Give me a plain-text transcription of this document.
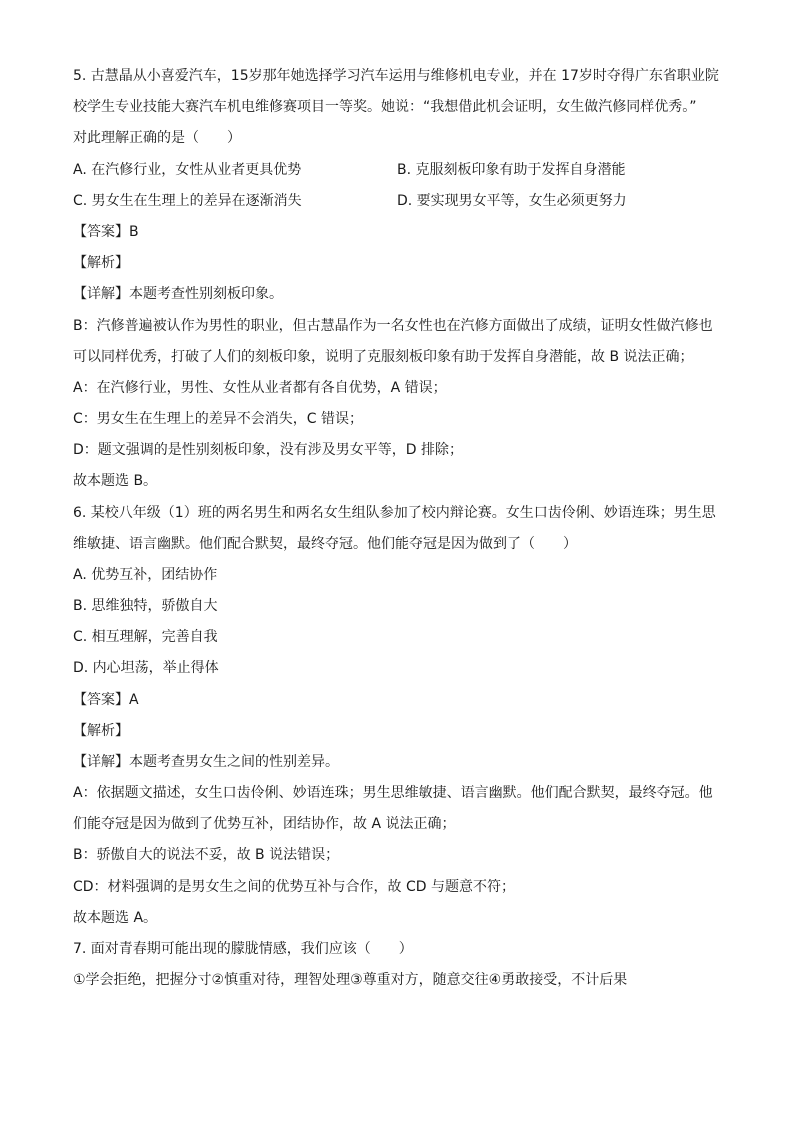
5. 古慧晶从小喜爱汽车，15岁那年她选择学习汽车运用与维修机电专业，并在 17岁时夺得广东省职业院
校学生专业技能大赛汽车机电维修赛项目一等奖。她说：“我想借此机会证明，女生做汽修同样优秀。”
对此理解正确的是（　　）
A. 在汽修行业，女性从业者更具优势	B. 克服刻板印象有助于发挥自身潜能
C. 男女生在生理上的差异在逐渐消失	D. 要实现男女平等，女生必须更努力
【答案】B
【解析】
【详解】本题考查性别刻板印象。
B：汽修普遍被认作为男性的职业，但古慧晶作为一名女性也在汽修方面做出了成绩，证明女性做汽修也
可以同样优秀，打破了人们的刻板印象，说明了克服刻板印象有助于发挥自身潜能，故 B 说法正确；
A：在汽修行业，男性、女性从业者都有各自优势，A 错误；
C：男女生在生理上的差异不会消失，C 错误；
D：题文强调的是性别刻板印象，没有涉及男女平等，D 排除；
故本题选 B。
6. 某校八年级（1）班的两名男生和两名女生组队参加了校内辩论赛。女生口齿伶俐、妙语连珠；男生思
维敏捷、语言幽默。他们配合默契，最终夺冠。他们能夺冠是因为做到了（　　）
A. 优势互补，团结协作
B. 思维独特，骄傲自大
C. 相互理解，完善自我
D. 内心坦荡，举止得体
【答案】A
【解析】
【详解】本题考查男女生之间的性别差异。
A：依据题文描述，女生口齿伶俐、妙语连珠；男生思维敏捷、语言幽默。他们配合默契，最终夺冠。他
们能夺冠是因为做到了优势互补，团结协作，故 A 说法正确；
B：骄傲自大的说法不妥，故 B 说法错误；
CD：材料强调的是男女生之间的优势互补与合作，故 CD 与题意不符；
故本题选 A。
7. 面对青春期可能出现的朦胧情感，我们应该（　　）
①学会拒绝，把握分寸②慎重对待，理智处理③尊重对方，随意交往④勇敢接受，不计后果
